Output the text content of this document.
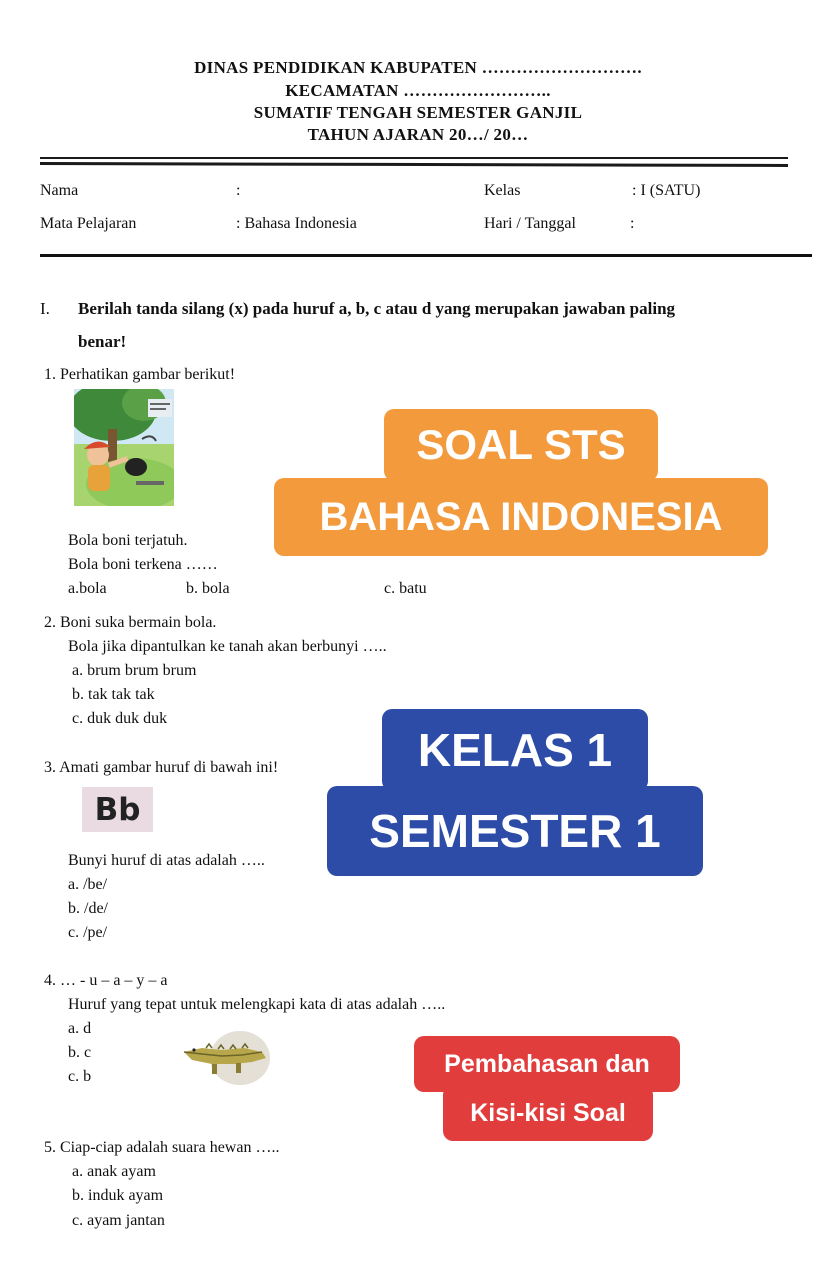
DINAS PENDIDIKAN KABUPATEN ……………………….
KECAMATAN ……………………..
SUMATIF TENGAH SEMESTER GANJIL
TAHUN AJARAN 20…/ 20…
Nama	:	Kelas	: I (SATU)
Mata Pelajaran	: Bahasa Indonesia	Hari / Tanggal	:
I. Berilah tanda silang (x) pada huruf a, b, c atau d yang merupakan jawaban paling
benar!
1. Perhatikan gambar berikut!
Bola boni terjatuh.
Bola boni terkena ……
a.bola	b. bola	c. batu
2. Boni suka bermain bola.
Bola jika dipantulkan ke tanah akan berbunyi …..
a. brum brum brum
b. tak tak tak
c. duk duk duk
3. Amati gambar huruf di bawah ini!
Bb
Bunyi huruf di atas adalah …..
a. /be/
b. /de/
c. /pe/
4. … - u – a – y – a
Huruf yang tepat untuk melengkapi kata di atas adalah …..
a. d
b. c
c. b
5. Ciap-ciap adalah suara hewan …..
a. anak ayam
b. induk ayam
c. ayam jantan
SOAL STS
BAHASA INDONESIA
KELAS 1
SEMESTER 1
Pembahasan dan
Kisi-kisi Soal
